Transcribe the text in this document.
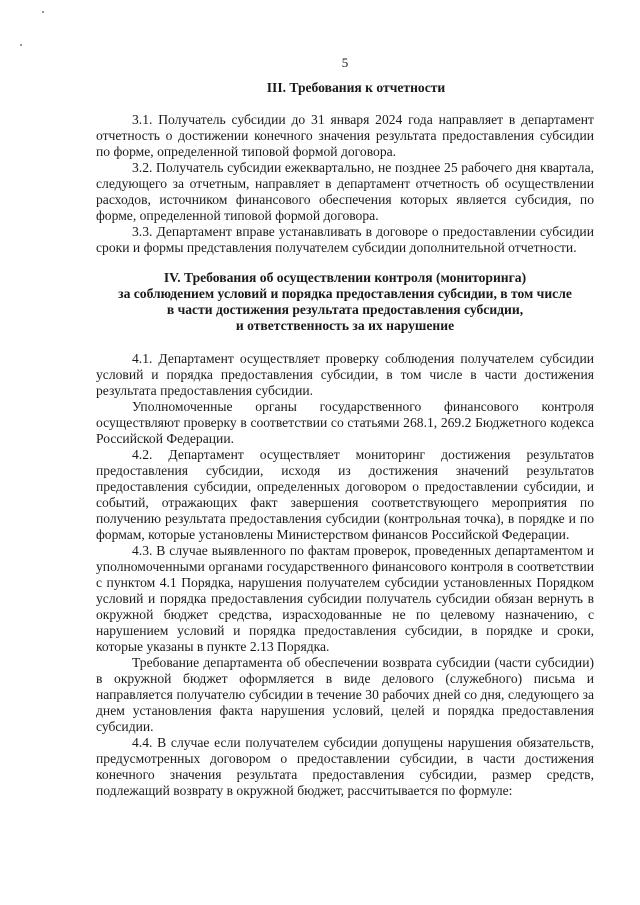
5
III. Требования к отчетности

3.1. Получатель субсидии до 31 января 2024 года направляет в департамент отчетность о достижении конечного значения результата предоставления субсидии по форме, определенной типовой формой договора.

3.2. Получатель субсидии ежеквартально, не позднее 25 рабочего дня квартала, следующего за отчетным, направляет в департамент отчетность об осуществлении расходов, источником финансового обеспечения которых является субсидия, по форме, определенной типовой формой договора.

3.3. Департамент вправе устанавливать в договоре о предоставлении субсидии сроки и формы представления получателем субсидии дополнительной отчетности.

IV. Требования об осуществлении контроля (мониторинга)
за соблюдением условий и порядка предоставления субсидии, в том числе
в части достижения результата предоставления субсидии,
и ответственность за их нарушение

4.1. Департамент осуществляет проверку соблюдения получателем субсидии условий и порядка предоставления субсидии, в том числе в части достижения результата предоставления субсидии.

Уполномоченные органы государственного финансового контроля осуществляют проверку в соответствии со статьями 268.1, 269.2 Бюджетного кодекса Российской Федерации.

4.2. Департамент осуществляет мониторинг достижения результатов предоставления субсидии, исходя из достижения значений результатов предоставления субсидии, определенных договором о предоставлении субсидии, и событий, отражающих факт завершения соответствующего мероприятия по получению результата предоставления субсидии (контрольная точка), в порядке и по формам, которые установлены Министерством финансов Российской Федерации.

4.3. В случае выявленного по фактам проверок, проведенных департаментом и уполномоченными органами государственного финансового контроля в соответствии с пунктом 4.1 Порядка, нарушения получателем субсидии установленных Порядком условий и порядка предоставления субсидии получатель субсидии обязан вернуть в окружной бюджет средства, израсходованные не по целевому назначению, с нарушением условий и порядка предоставления субсидии, в порядке и сроки, которые указаны в пункте 2.13 Порядка.

Требование департамента об обеспечении возврата субсидии (части субсидии) в окружной бюджет оформляется в виде делового (служебного) письма и направляется получателю субсидии в течение 30 рабочих дней со дня, следующего за днем установления факта нарушения условий, целей и порядка предоставления субсидии.

4.4. В случае если получателем субсидии допущены нарушения обязательств, предусмотренных договором о предоставлении субсидии, в части достижения конечного значения результата предоставления субсидии, размер средств, подлежащий возврату в окружной бюджет, рассчитывается по формуле:
